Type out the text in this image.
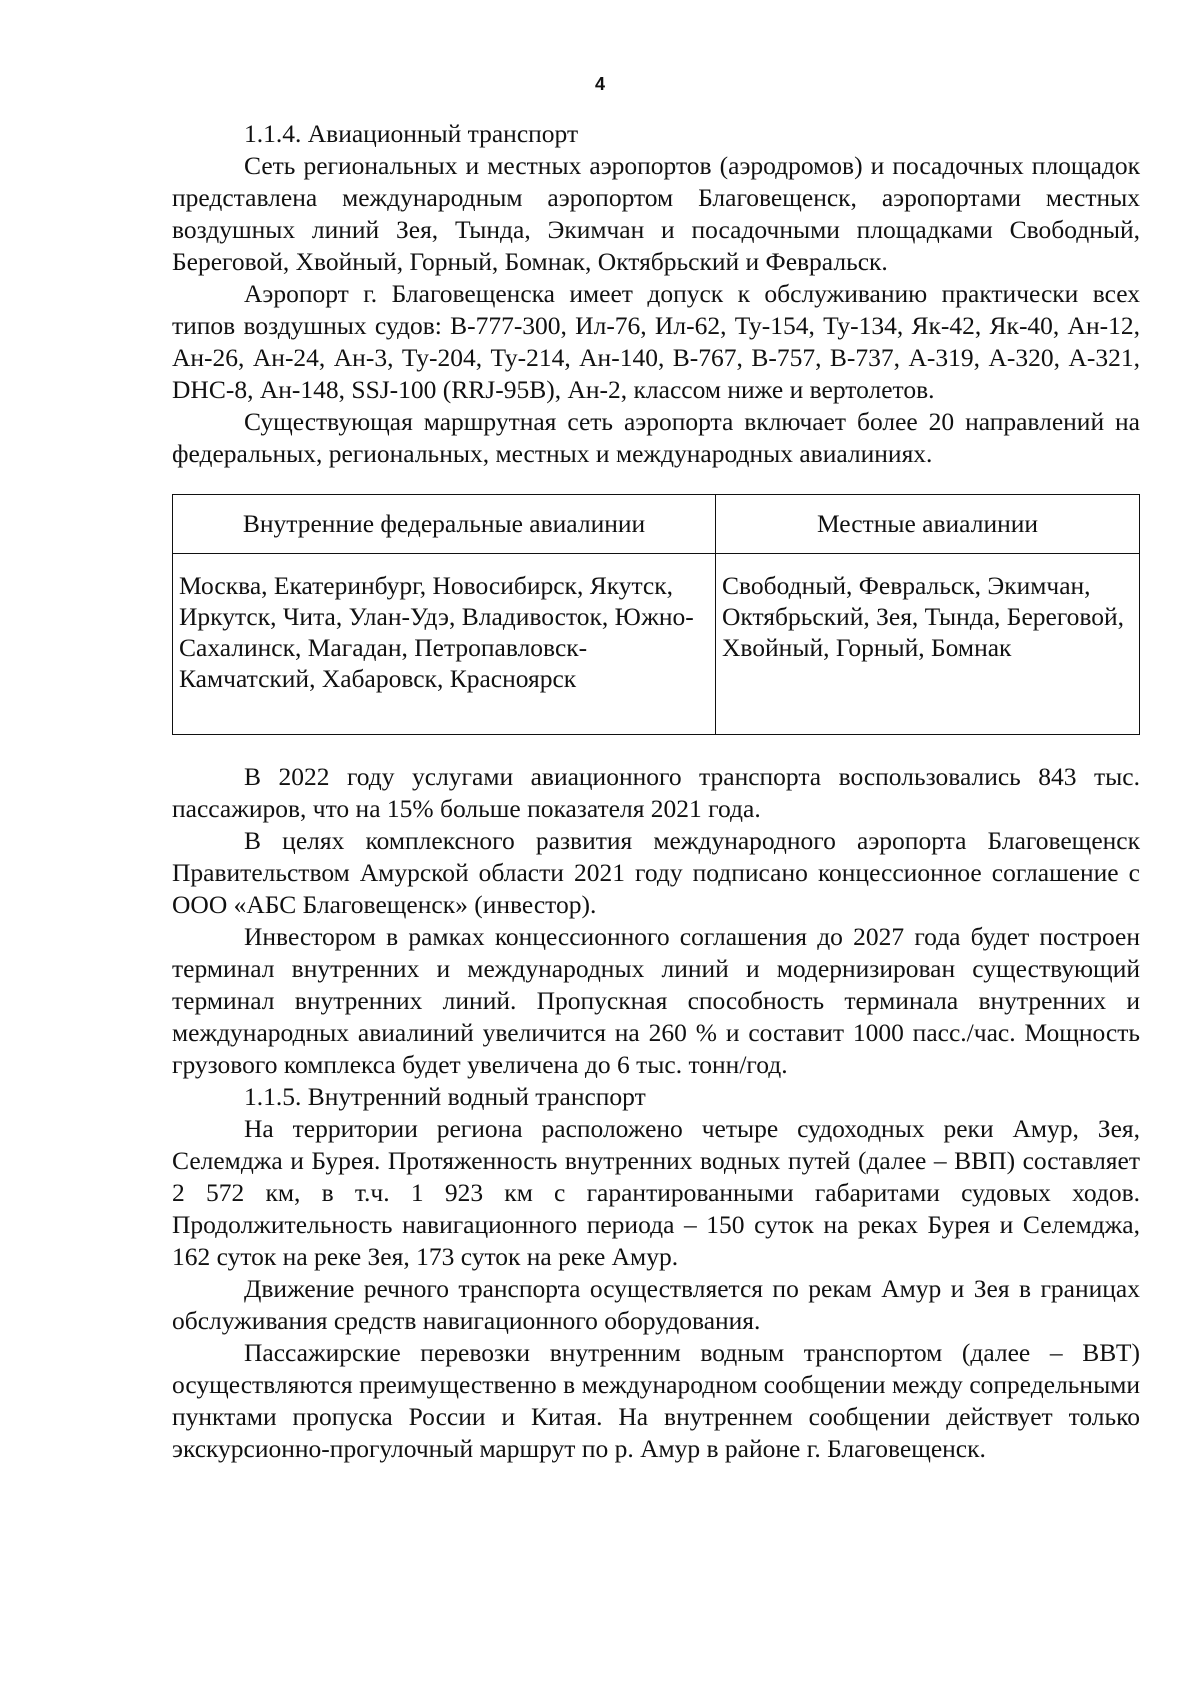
4

1.1.4. Авиационный транспорт

Сеть региональных и местных аэропортов (аэродромов) и посадочных площадок представлена международным аэропортом Благовещенск, аэропортами местных воздушных линий Зея, Тында, Экимчан и посадочными площадками Свободный, Береговой, Хвойный, Горный, Бомнак, Октябрьский и Февральск.

Аэропорт г. Благовещенска имеет допуск к обслуживанию практически всех типов воздушных судов: В-777-300, Ил-76, Ил-62, Ту-154, Ту-134, Як-42, Як-40, Ан-12, Ан-26, Ан-24, Ан-3, Ту-204, Ту-214, Ан-140, В-767, В-757, В-737, А-319, А-320, А-321, DHC-8, Ан-148, SSJ-100 (RRJ-95B), Ан-2, классом ниже и вертолетов.

Существующая маршрутная сеть аэропорта включает более 20 направлений на федеральных, региональных, местных и международных авиалиниях.

Внутренние федеральные авиалинии	Местные авиалинии
Москва, Екатеринбург, Новосибирск, Якутск, Иркутск, Чита, Улан-Удэ, Владивосток, Южно-Сахалинск, Магадан, Петропавловск-Камчатский, Хабаровск, Красноярск	Свободный, Февральск, Экимчан, Октябрьский, Зея, Тында, Береговой, Хвойный, Горный, Бомнак

В 2022 году услугами авиационного транспорта воспользовались 843 тыс. пассажиров, что на 15% больше показателя 2021 года.

В целях комплексного развития международного аэропорта Благовещенск Правительством Амурской области 2021 году подписано концессионное соглашение с ООО «АБС Благовещенск» (инвестор).

Инвестором в рамках концессионного соглашения до 2027 года будет построен терминал внутренних и международных линий и модернизирован существующий терминал внутренних линий. Пропускная способность терминала внутренних и международных авиалиний увеличится на 260 % и составит 1000 пасс./час. Мощность грузового комплекса будет увеличена до 6 тыс. тонн/год.

1.1.5. Внутренний водный транспорт

На территории региона расположено четыре судоходных реки Амур, Зея, Селемджа и Бурея. Протяженность внутренних водных путей (далее – ВВП) составляет 2 572 км, в т.ч. 1 923 км с гарантированными габаритами судовых ходов. Продолжительность навигационного периода – 150 суток на реках Бурея и Селемджа, 162 суток на реке Зея, 173 суток на реке Амур.

Движение речного транспорта осуществляется по рекам Амур и Зея в границах обслуживания средств навигационного оборудования.

Пассажирские перевозки внутренним водным транспортом (далее – ВВТ) осуществляются преимущественно в международном сообщении между сопредельными пунктами пропуска России и Китая. На внутреннем сообщении действует только экскурсионно-прогулочный маршрут по р. Амур в районе г. Благовещенск.
